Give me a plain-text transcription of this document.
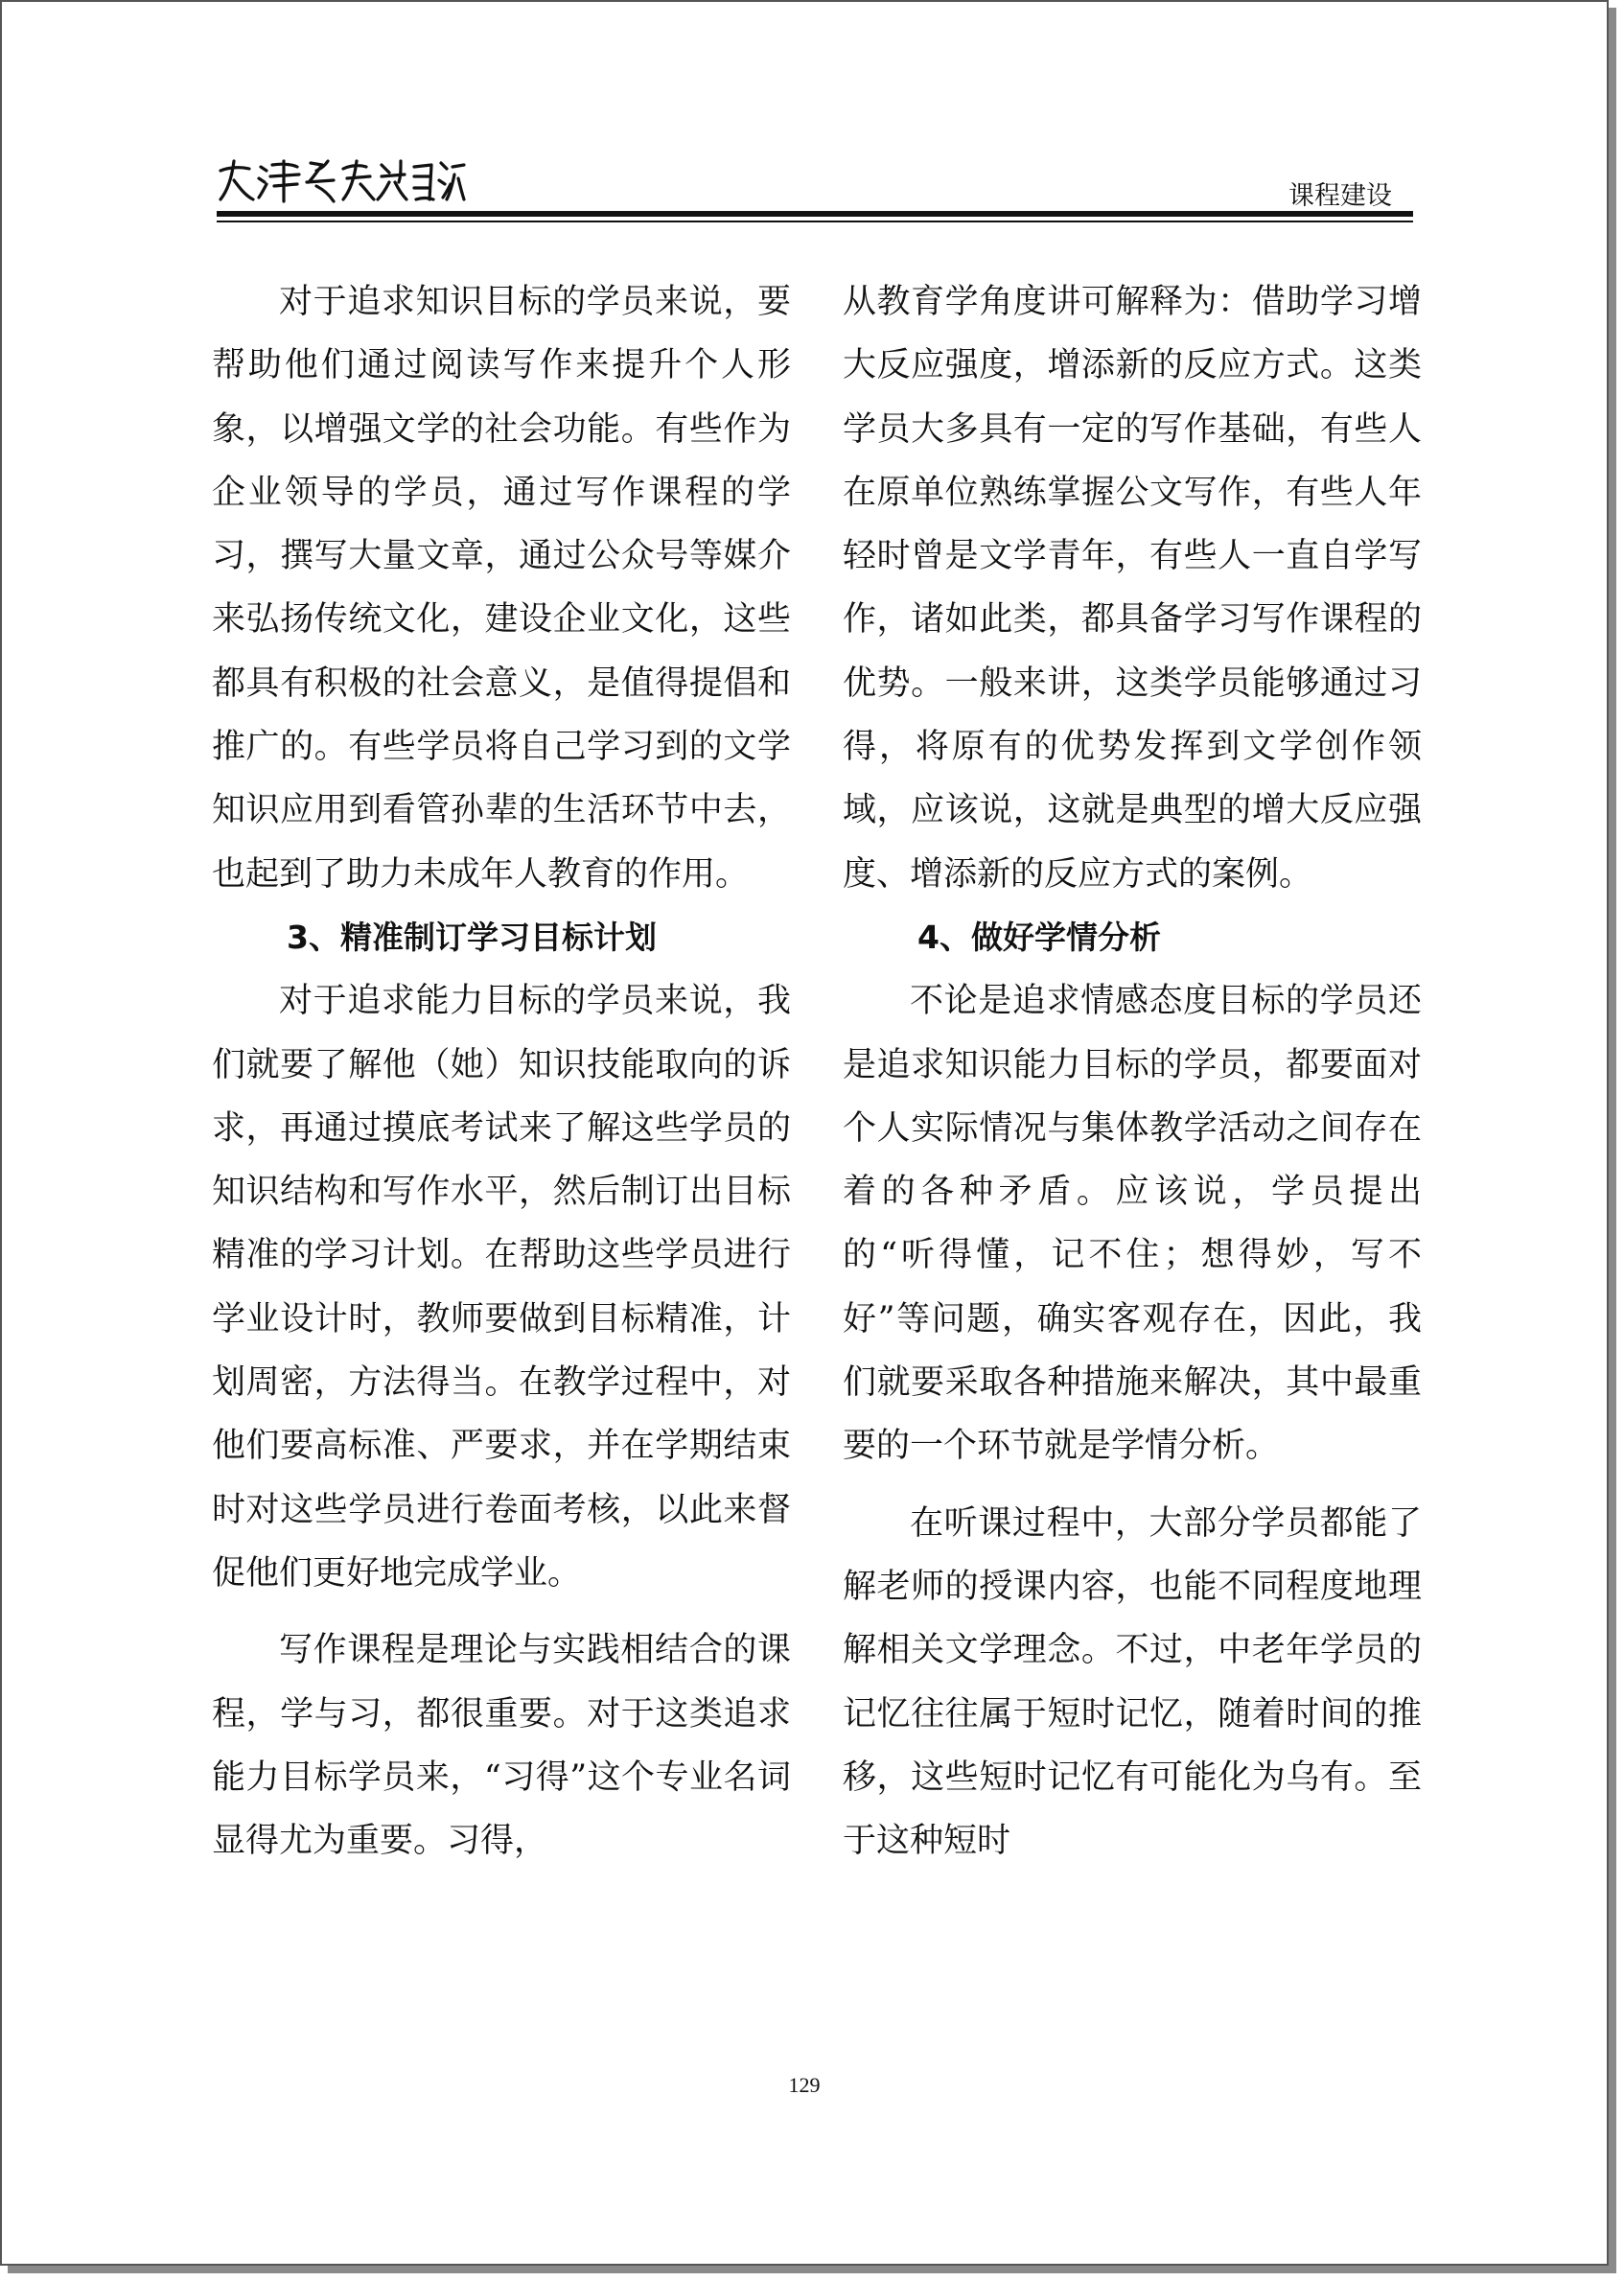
课程建设

对于追求知识目标的学员来说，要帮助他们通过阅读写作来提升个人形象，以增强文学的社会功能。有些作为企业领导的学员，通过写作课程的学习，撰写大量文章，通过公众号等媒介来弘扬传统文化，建设企业文化，这些都具有积极的社会意义，是值得提倡和推广的。有些学员将自己学习到的文学知识应用到看管孙辈的生活环节中去，也起到了助力未成年人教育的作用。

3、精准制订学习目标计划

对于追求能力目标的学员来说，我们就要了解他（她）知识技能取向的诉求，再通过摸底考试来了解这些学员的知识结构和写作水平，然后制订出目标精准的学习计划。在帮助这些学员进行学业设计时，教师要做到目标精准，计划周密，方法得当。在教学过程中，对他们要高标准、严要求，并在学期结束时对这些学员进行卷面考核，以此来督促他们更好地完成学业。

写作课程是理论与实践相结合的课程，学与习，都很重要。对于这类追求能力目标学员来，“习得”这个专业名词显得尤为重要。习得，

从教育学角度讲可解释为：借助学习增大反应强度，增添新的反应方式。这类学员大多具有一定的写作基础，有些人在原单位熟练掌握公文写作，有些人年轻时曾是文学青年，有些人一直自学写作，诸如此类，都具备学习写作课程的优势。一般来讲，这类学员能够通过习得，将原有的优势发挥到文学创作领域，应该说，这就是典型的增大反应强度、增添新的反应方式的案例。

4、做好学情分析

不论是追求情感态度目标的学员还是追求知识能力目标的学员，都要面对个人实际情况与集体教学活动之间存在着的各种矛盾。应该说，学员提出的“听得懂，记不住；想得妙，写不好”等问题，确实客观存在，因此，我们就要采取各种措施来解决，其中最重要的一个环节就是学情分析。

在听课过程中，大部分学员都能了解老师的授课内容，也能不同程度地理解相关文学理念。不过，中老年学员的记忆往往属于短时记忆，随着时间的推移，这些短时记忆有可能化为乌有。至于这种短时

129
